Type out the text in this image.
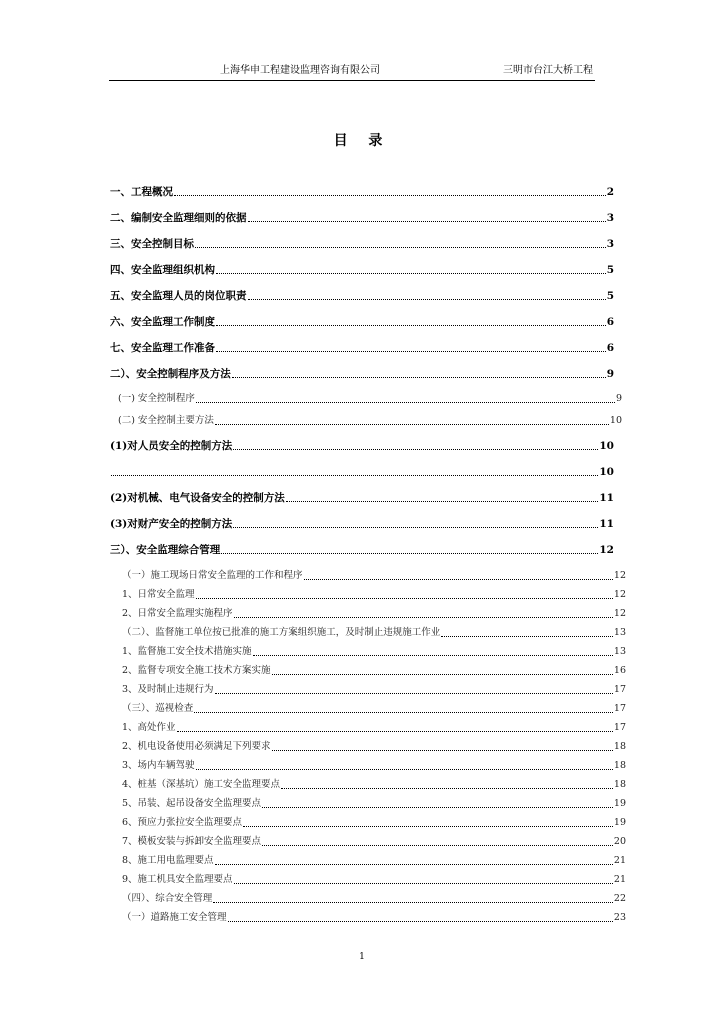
上海华申工程建设监理咨询有限公司	三明市台江大桥工程
目 录
一、工程概况	2
二、编制安全监理细则的依据	3
三、安全控制目标	3
四、安全监理组织机构	5
五、安全监理人员的岗位职责	5
六、安全监理工作制度	6
七、安全监理工作准备	6
二）、安全控制程序及方法	9
(一) 安全控制程序	9
(二) 安全控制主要方法	10
(1)对人员安全的控制方法	10
10
(2)对机械、电气设备安全的控制方法	11
(3)对财产安全的控制方法	11
三）、安全监理综合管理	12
（一）施工现场日常安全监理的工作和程序	12
1、日常安全监理	12
2、日常安全监理实施程序	12
（二）、监督施工单位按已批准的施工方案组织施工，及时制止违规施工作业	13
1、监督施工安全技术措施实施	13
2、监督专项安全施工技术方案实施	16
3、及时制止违规行为	17
（三）、巡视检查	17
1、高处作业	17
2、机电设备使用必须满足下列要求	18
3、场内车辆驾驶	18
4、桩基（深基坑）施工安全监理要点	18
5、吊装、起吊设备安全监理要点	19
6、预应力张拉安全监理要点	19
7、模板安装与拆卸安全监理要点	20
8、施工用电监理要点	21
9、施工机具安全监理要点	21
（四）、综合安全管理	22
（一）道路施工安全管理	23
1
